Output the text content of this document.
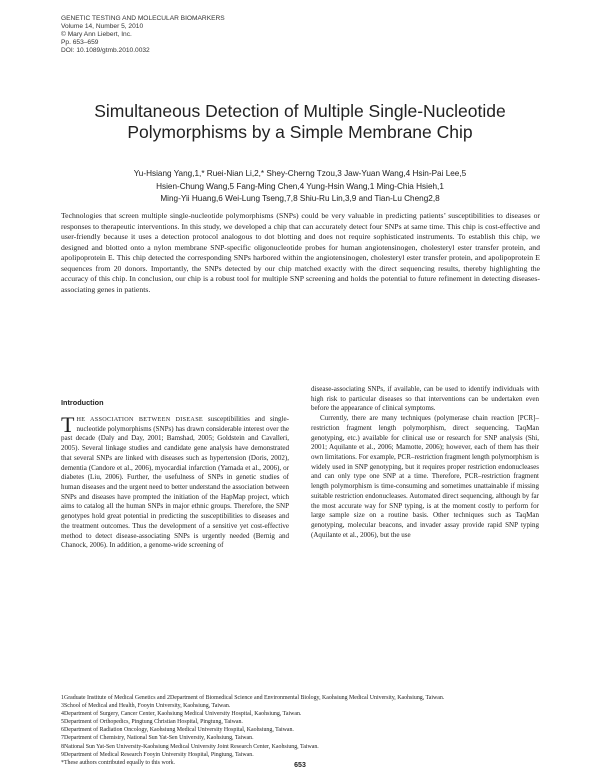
GENETIC TESTING AND MOLECULAR BIOMARKERS
Volume 14, Number 5, 2010
© Mary Ann Liebert, Inc.
Pp. 653–659
DOI: 10.1089/gtmb.2010.0032
Simultaneous Detection of Multiple Single-Nucleotide
Polymorphisms by a Simple Membrane Chip
Yu-Hsiang Yang,1,* Ruei-Nian Li,2,* Shey-Cherng Tzou,3 Jaw-Yuan Wang,4 Hsin-Pai Lee,5
Hsien-Chung Wang,5 Fang-Ming Chen,4 Yung-Hsin Wang,1 Ming-Chia Hsieh,1
Ming-Yii Huang,6 Wei-Lung Tseng,7,8 Shiu-Ru Lin,3,9 and Tian-Lu Cheng2,8
Technologies that screen multiple single-nucleotide polymorphisms (SNPs) could be very valuable in predicting patients’ susceptibilities to diseases or responses to therapeutic interventions. In this study, we developed a chip that can accurately detect four SNPs at same time. This chip is cost-effective and user-friendly because it uses a detection protocol analogous to dot blotting and does not require sophisticated instruments. To establish this chip, we designed and blotted onto a nylon membrane SNP-specific oligonucleotide probes for human angiotensinogen, cholesteryl ester transfer protein, and apolipoprotein E. This chip detected the corresponding SNPs harbored within the angiotensinogen, cholesteryl ester transfer protein, and apolipoprotein E sequences from 20 donors. Importantly, the SNPs detected by our chip matched exactly with the direct sequencing results, thereby highlighting the accuracy of this chip. In conclusion, our chip is a robust tool for multiple SNP screening and holds the potential to future refinement in detecting diseases-associating genes in patients.
Introduction
THE ASSOCIATION BETWEEN DISEASE susceptibilities and single-nucleotide polymorphisms (SNPs) has drawn considerable interest over the past decade (Daly and Day, 2001; Bamshad, 2005; Goldstein and Cavalleri, 2005). Several linkage studies and candidate gene analysis have demonstrated that several SNPs are linked with diseases such as hypertension (Doris, 2002), dementia (Candore et al., 2006), myocardial infarction (Yamada et al., 2006), or diabetes (Liu, 2006). Further, the usefulness of SNPs in genetic studies of human diseases and the urgent need to better understand the association between SNPs and diseases have prompted the initiation of the HapMap project, which aims to catalog all the human SNPs in major ethnic groups. Therefore, the SNP genotypes hold great potential in predicting the susceptibilities to diseases and the treatment outcomes. Thus the development of a sensitive yet cost-effective method to detect disease-associating SNPs is urgently needed (Bernig and Chanock, 2006). In addition, a genome-wide screening of
disease-associating SNPs, if available, can be used to identify individuals with high risk to particular diseases so that interventions can be undertaken even before the appearance of clinical symptoms.
Currently, there are many techniques (polymerase chain reaction [PCR]–restriction fragment length polymorphism, direct sequencing, TaqMan genotyping, etc.) available for clinical use or research for SNP analysis (Shi, 2001; Aquilante et al., 2006; Mamotte, 2006); however, each of them has their own limitations. For example, PCR–restriction fragment length polymorphism is widely used in SNP genotyping, but it requires proper restriction endonucleases and can only type one SNP at a time. Therefore, PCR–restriction fragment length polymorphism is time-consuming and sometimes unattainable if missing suitable restriction endonucleases. Automated direct sequencing, although by far the most accurate way for SNP typing, is at the moment costly to perform for large sample size on a routine basis. Other techniques such as TaqMan genotyping, molecular beacons, and invader assay provide rapid SNP typing (Aquilante et al., 2006), but the use
1Graduate Institute of Medical Genetics and 2Department of Biomedical Science and Environmental Biology, Kaohsiung Medical University, Kaohsiung, Taiwan.
3School of Medical and Health, Fooyin University, Kaohsiung, Taiwan.
4Department of Surgery, Cancer Center, Kaohsiung Medical University Hospital, Kaohsiung, Taiwan.
5Department of Orthopedics, Pingtung Christian Hospital, Pingtung, Taiwan.
6Department of Radiation Oncology, Kaohsiung Medical University Hospital, Kaohsiung, Taiwan.
7Department of Chemistry, National Sun Yat-Sen University, Kaohsiung, Taiwan.
8National Sun Yat-Sen University-Kaohsiung Medical University Joint Research Center, Kaohsiung, Taiwan.
9Department of Medical Research Fooyin University Hospital, Pingtung, Taiwan.
*These authors contributed equally to this work.	653
